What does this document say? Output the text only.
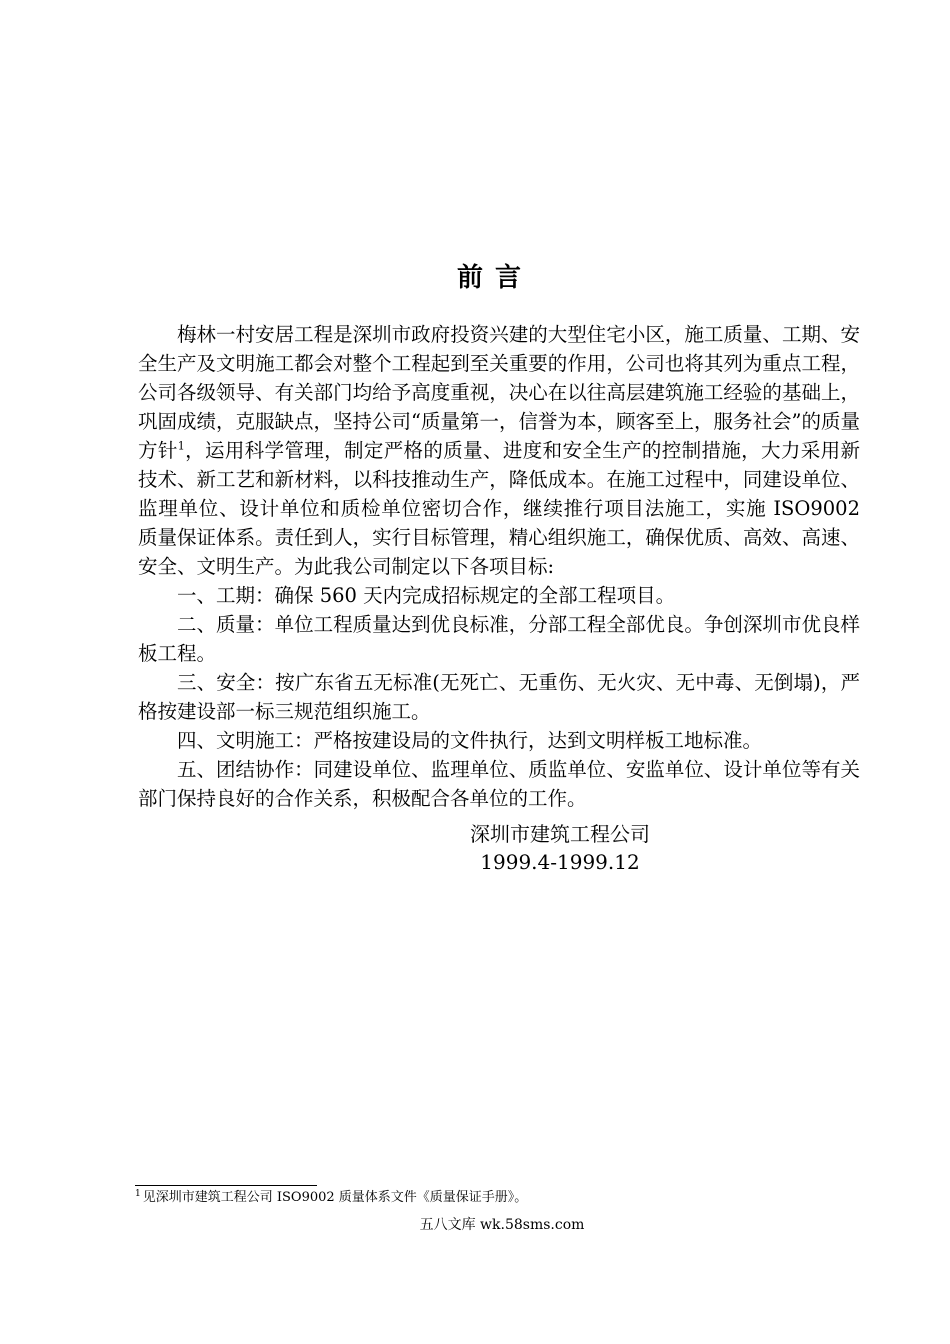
前言

梅林一村安居工程是深圳市政府投资兴建的大型住宅小区，施工质量、工期、安全生产及文明施工都会对整个工程起到至关重要的作用，公司也将其列为重点工程，公司各级领导、有关部门均给予高度重视，决心在以往高层建筑施工经验的基础上，巩固成绩，克服缺点，坚持公司“质量第一，信誉为本，顾客至上，服务社会”的质量方针$^1$，运用科学管理，制定严格的质量、进度和安全生产的控制措施，大力采用新技术、新工艺和新材料，以科技推动生产，降低成本。在施工过程中，同建设单位、监理单位、设计单位和质检单位密切合作，继续推行项目法施工，实施 ISO9002 质量保证体系。责任到人，实行目标管理，精心组织施工，确保优质、高效、高速、安全、文明生产。为此我公司制定以下各项目标:

一、工期：确保 560 天内完成招标规定的全部工程项目。

二、质量：单位工程质量达到优良标准，分部工程全部优良。争创深圳市优良样板工程。

三、安全：按广东省五无标准(无死亡、无重伤、无火灾、无中毒、无倒塌)，严格按建设部一标三规范组织施工。

四、文明施工：严格按建设局的文件执行，达到文明样板工地标准。

五、团结协作：同建设单位、监理单位、质监单位、安监单位、设计单位等有关部门保持良好的合作关系，积极配合各单位的工作。

深圳市建筑工程公司
1999.4-1999.12
$^1$ 见深圳市建筑工程公司 ISO9002 质量体系文件《质量保证手册》。
五八文库 wk.58sms.com
